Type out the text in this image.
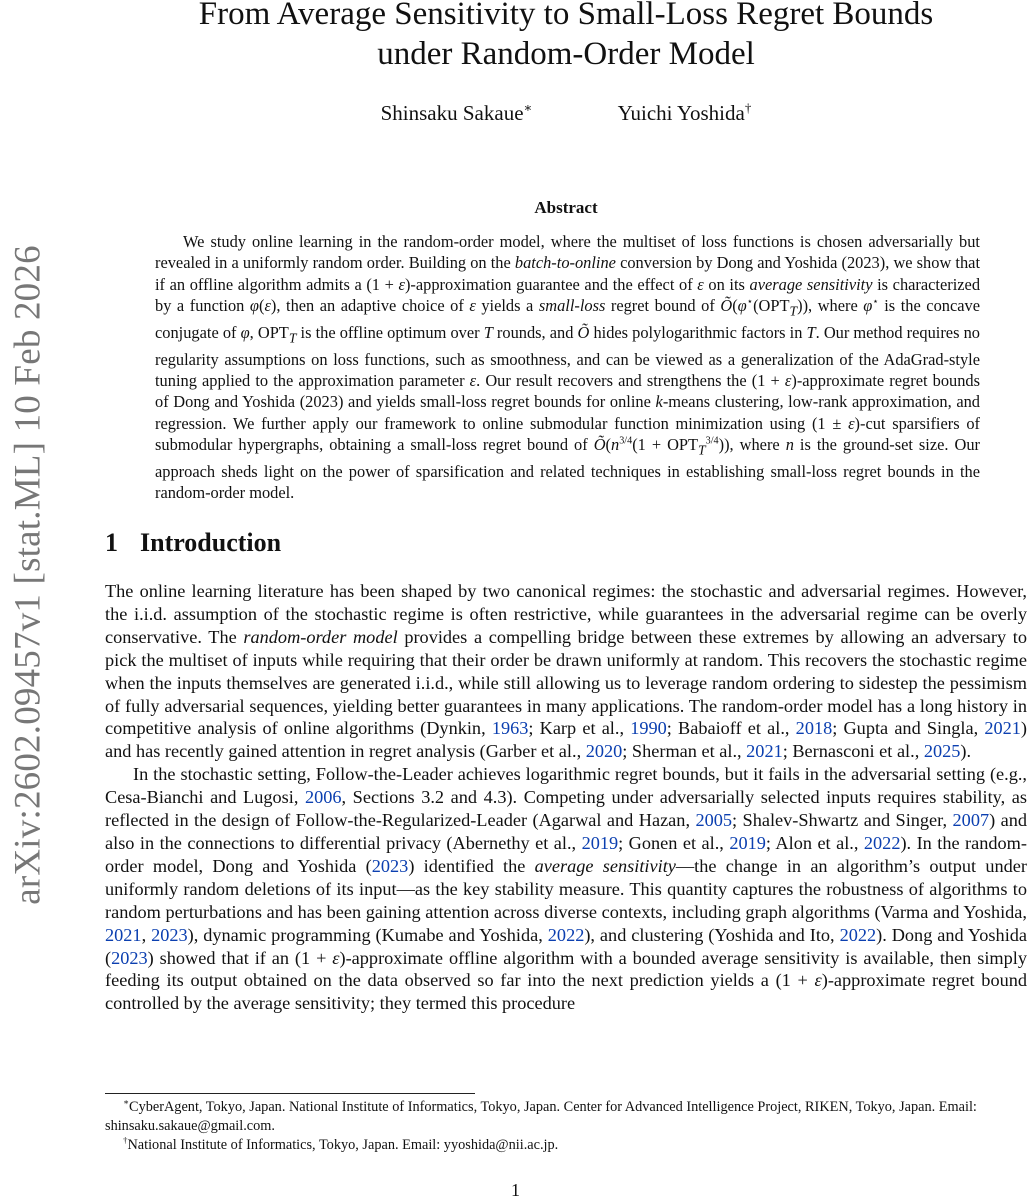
arXiv:2602.09457v1 [stat.ML] 10 Feb 2026
From Average Sensitivity to Small-Loss Regret Bounds
under Random-Order Model
Shinsaku Sakaue∗	Yuichi Yoshida†
Abstract

We study online learning in the random-order model, where the multiset of loss functions is chosen adversarially but revealed in a uniformly random order. Building on the batch-to-online conversion by Dong and Yoshida (2023), we show that if an offline algorithm admits a (1 + ε)-approximation guarantee and the effect of ε on its average sensitivity is characterized by a function φ(ε), then an adaptive choice of ε yields a small-loss regret bound of $Õ(\varphi^⋆(OPT_T))$, where φ⋆ is the concave conjugate of φ, $OPT_T$ is the offline optimum over T rounds, and Õ hides polylogarithmic factors in T. Our method requires no regularity assumptions on loss functions, such as smoothness, and can be viewed as a generalization of the AdaGrad-style tuning applied to the approximation parameter ε. Our result recovers and strengthens the (1 + ε)-approximate regret bounds of Dong and Yoshida (2023) and yields small-loss regret bounds for online k-means clustering, low-rank approximation, and regression. We further apply our framework to online submodular function minimization using (1 ± ε)-cut sparsifiers of submodular hypergraphs, obtaining a small-loss regret bound of $Õ(n^{3/4}(1 + OPT_T^{3/4}))$, where n is the ground-set size. Our approach sheds light on the power of sparsification and related techniques in establishing small-loss regret bounds in the random-order model.

1 Introduction

The online learning literature has been shaped by two canonical regimes: the stochastic and adversarial regimes. However, the i.i.d. assumption of the stochastic regime is often restrictive, while guarantees in the adversarial regime can be overly conservative. The random-order model provides a compelling bridge between these extremes by allowing an adversary to pick the multiset of inputs while requiring that their order be drawn uniformly at random. This recovers the stochastic regime when the inputs themselves are generated i.i.d., while still allowing us to leverage random ordering to sidestep the pessimism of fully adversarial sequences, yielding better guarantees in many applications. The random-order model has a long history in competitive analysis of online algorithms (Dynkin, 1963; Karp et al., 1990; Babaioff et al., 2018; Gupta and Singla, 2021) and has recently gained attention in regret analysis (Garber et al., 2020; Sherman et al., 2021; Bernasconi et al., 2025).

In the stochastic setting, Follow-the-Leader achieves logarithmic regret bounds, but it fails in the adversarial setting (e.g., Cesa-Bianchi and Lugosi, 2006, Sections 3.2 and 4.3). Competing under adversarially selected inputs requires stability, as reflected in the design of Follow-the-Regularized-Leader (Agarwal and Hazan, 2005; Shalev-Shwartz and Singer, 2007) and also in the connections to differential privacy (Abernethy et al., 2019; Gonen et al., 2019; Alon et al., 2022). In the random-order model, Dong and Yoshida (2023) identified the average sensitivity—the change in an algorithm’s output under uniformly random deletions of its input—as the key stability measure. This quantity captures the robustness of algorithms to random perturbations and has been gaining attention across diverse contexts, including graph algorithms (Varma and Yoshida, 2021, 2023), dynamic programming (Kumabe and Yoshida, 2022), and clustering (Yoshida and Ito, 2022). Dong and Yoshida (2023) showed that if an (1 + ε)-approximate offline algorithm with a bounded average sensitivity is available, then simply feeding its output obtained on the data observed so far into the next prediction yields a (1 + ε)-approximate regret bound controlled by the average sensitivity; they termed this procedure

∗CyberAgent, Tokyo, Japan. National Institute of Informatics, Tokyo, Japan. Center for Advanced Intelligence Project, RIKEN, Tokyo, Japan. Email: shinsaku.sakaue@gmail.com.

†National Institute of Informatics, Tokyo, Japan. Email: yyoshida@nii.ac.jp.

1
